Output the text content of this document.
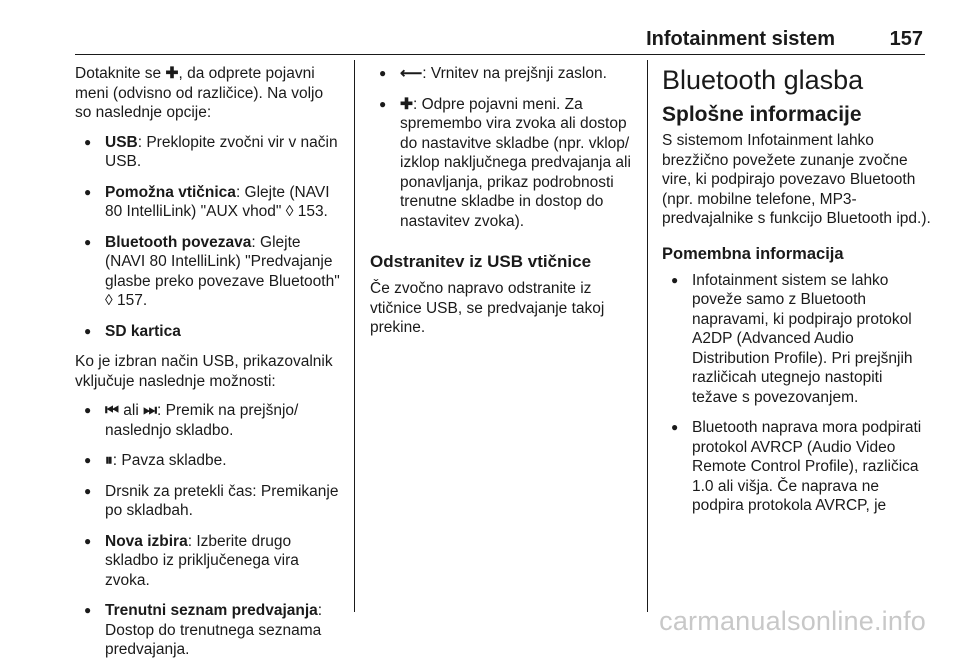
Infotainment sistem	157

Dotaknite se ✚, da odprete pojavni meni (odvisno od različice). Na voljo so naslednje opcije:

● USB: Preklopite zvočni vir v način USB.
● Pomožna vtičnica: Glejte (NAVI 80 IntelliLink) "AUX vhod" ◊ 153.
● Bluetooth povezava: Glejte (NAVI 80 IntelliLink) "Predvajanje glasbe preko povezave Bluetooth" ◊ 157.
● SD kartica

Ko je izbran način USB, prikazovalnik vključuje naslednje možnosti:

● ⏮ ali ⏭: Premik na prejšnjo/ naslednjo skladbo.
● ⏸: Pavza skladbe.
● Drsnik za pretekli čas: Premikanje po skladbah.
● Nova izbira: Izberite drugo skladbo iz priključenega vira zvoka.
● Trenutni seznam predvajanja: Dostop do trenutnega seznama predvajanja.
● ⟵: Vrnitev na prejšnji zaslon.
● ✚: Odpre pojavni meni. Za spremembo vira zvoka ali dostop do nastavitve skladbe (npr. vklop/ izklop naključnega predvajanja ali ponavljanja, prikaz podrobnosti trenutne skladbe in dostop do nastavitev zvoka).
Odstranitev iz USB vtičnice

Če zvočno napravo odstranite iz vtičnice USB, se predvajanje takoj prekine.

Bluetooth glasba
Splošne informacije

S sistemom Infotainment lahko brezžično povežete zunanje zvočne vire, ki podpirajo povezavo Bluetooth (npr. mobilne telefone, MP3-predvajalnike s funkcijo Bluetooth ipd.).

Pomembna informacija
● Infotainment sistem se lahko poveže samo z Bluetooth napravami, ki podpirajo protokol A2DP (Advanced Audio Distribution Profile). Pri prejšnjih različicah utegnejo nastopiti težave s povezovanjem.
● Bluetooth naprava mora podpirati protokol AVRCP (Audio Video Remote Control Profile), različica 1.0 ali višja. Če naprava ne podpira protokola AVRCP, je
carmanualsonline.info
